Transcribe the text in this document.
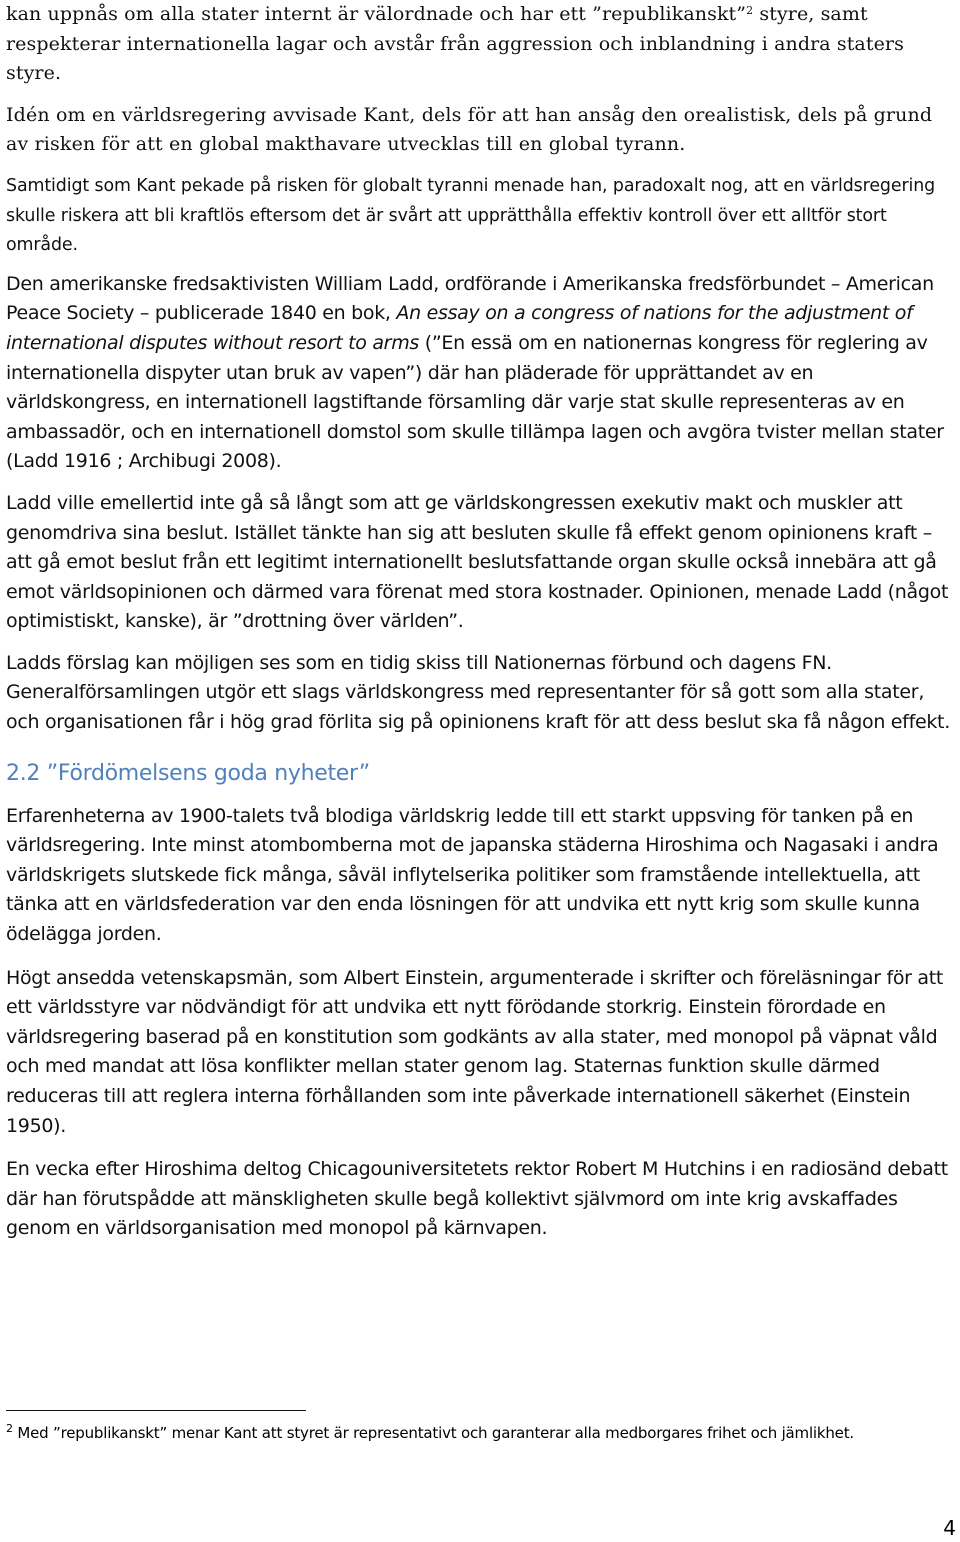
kan uppnås om alla stater internt är välordnade och har ett ”republikanskt”$^2$ styre, samt respekterar internationella lagar och avstår från aggression och inblandning i andra staters styre.

Idén om en världsregering avvisade Kant, dels för att han ansåg den orealistisk, dels på grund av risken för att en global makthavare utvecklas till en global tyrann.

Samtidigt som Kant pekade på risken för globalt tyranni menade han, paradoxalt nog, att en världsregering skulle riskera att bli kraftlös eftersom det är svårt att upprätthålla effektiv kontroll över ett alltför stort område.

Den amerikanske fredsaktivisten William Ladd, ordförande i Amerikanska fredsförbundet – American Peace Society – publicerade 1840 en bok, An essay on a congress of nations for the adjustment of international disputes without resort to arms (”En essä om en nationernas kongress för reglering av internationella dispyter utan bruk av vapen”) där han pläderade för upprättandet av en världskongress, en internationell lagstiftande församling där varje stat skulle representeras av en ambassadör, och en internationell domstol som skulle tillämpa lagen och avgöra tvister mellan stater (Ladd 1916 ; Archibugi 2008).

Ladd ville emellertid inte gå så långt som att ge världskongressen exekutiv makt och muskler att genomdriva sina beslut. Istället tänkte han sig att besluten skulle få effekt genom opinionens kraft – att gå emot beslut från ett legitimt internationellt beslutsfattande organ skulle också innebära att gå emot världsopinionen och därmed vara förenat med stora kostnader. Opinionen, menade Ladd (något optimistiskt, kanske), är ”drottning över världen”.

Ladds förslag kan möjligen ses som en tidig skiss till Nationernas förbund och dagens FN. Generalförsamlingen utgör ett slags världskongress med representanter för så gott som alla stater, och organisationen får i hög grad förlita sig på opinionens kraft för att dess beslut ska få någon effekt.

2.2 ”Fördömelsens goda nyheter”

Erfarenheterna av 1900-talets två blodiga världskrig ledde till ett starkt uppsving för tanken på en världsregering. Inte minst atombomberna mot de japanska städerna Hiroshima och Nagasaki i andra världskrigets slutskede fick många, såväl inflytelserika politiker som framstående intellektuella, att tänka att en världsfederation var den enda lösningen för att undvika ett nytt krig som skulle kunna ödelägga jorden.

Högt ansedda vetenskapsmän, som Albert Einstein, argumenterade i skrifter och föreläsningar för att ett världsstyre var nödvändigt för att undvika ett nytt förödande storkrig. Einstein förordade en världsregering baserad på en konstitution som godkänts av alla stater, med monopol på väpnat våld och med mandat att lösa konflikter mellan stater genom lag. Staternas funktion skulle därmed reduceras till att reglera interna förhållanden som inte påverkade internationell säkerhet (Einstein 1950).

En vecka efter Hiroshima deltog Chicagouniversitetets rektor Robert M Hutchins i en radiosänd debatt där han förutspådde att mänskligheten skulle begå kollektivt självmord om inte krig avskaffades genom en världsorganisation med monopol på kärnvapen.

$^2$ Med ”republikanskt” menar Kant att styret är representativt och garanterar alla medborgares frihet och jämlikhet.
4
